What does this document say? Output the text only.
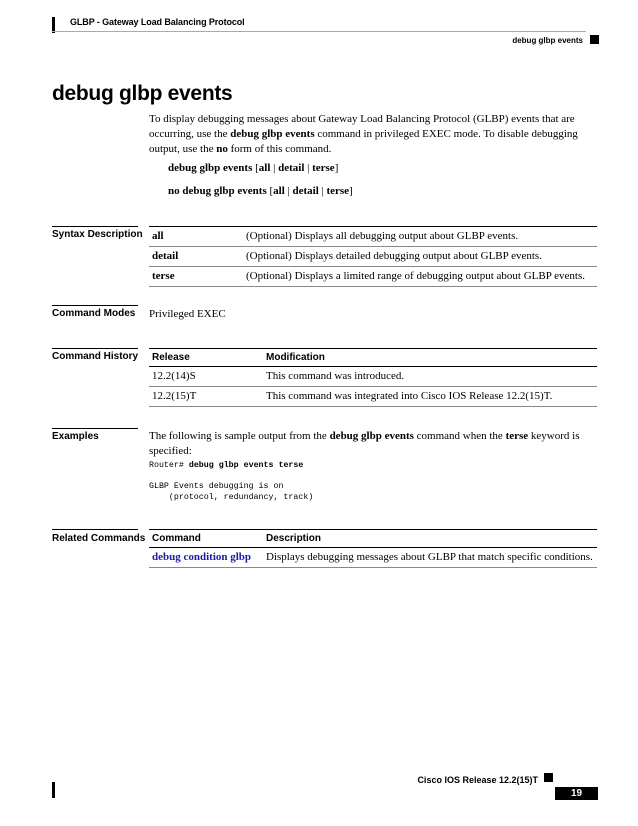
GLBP - Gateway Load Balancing Protocol
debug glbp events
debug glbp events
To display debugging messages about Gateway Load Balancing Protocol (GLBP) events that are occurring, use the debug glbp events command in privileged EXEC mode. To disable debugging output, use the no form of this command.
debug glbp events [all | detail | terse]
no debug glbp events [all | detail | terse]
Syntax Description all	(Optional) Displays all debugging output about GLBP events.
detail	(Optional) Displays detailed debugging output about GLBP events.
terse	(Optional) Displays a limited range of debugging output about GLBP events.
Command Modes Privileged EXEC
Command History Release	Modification
12.2(14)S	This command was introduced.
12.2(15)T	This command was integrated into Cisco IOS Release 12.2(15)T.
Examples	The following is sample output from the debug glbp events command when the terse keyword is specified:
Router# debug glbp events terse
GLBP Events debugging is on
(protocol, redundancy, track)
Related Commands Command	Description
debug condition glbp	Displays debugging messages about GLBP that match specific conditions.
Cisco IOS Release 12.2(15)T
19
